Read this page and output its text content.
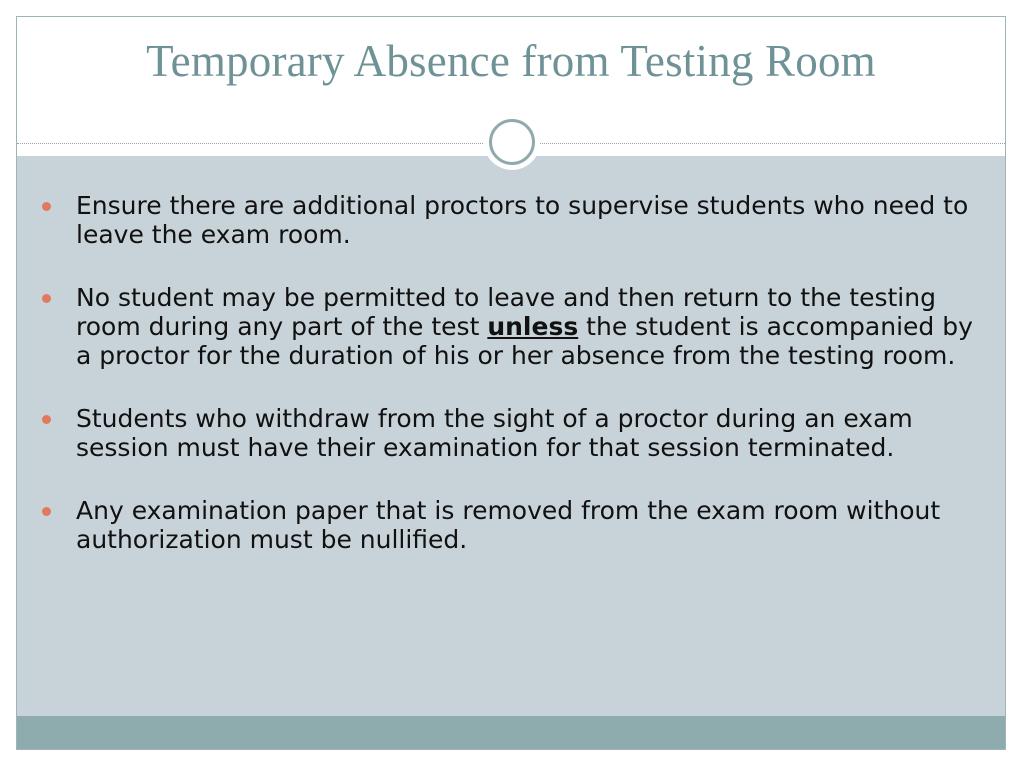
Temporary Absence from Testing Room
Ensure there are additional proctors to supervise students who need to leave the exam room.
No student may be permitted to leave and then return to the testing room during any part of the test unless the student is accompanied by a proctor for the duration of his or her absence from the testing room.
Students who withdraw from the sight of a proctor during an exam session must have their examination for that session terminated.
Any examination paper that is removed from the exam room without authorization must be nullified.
